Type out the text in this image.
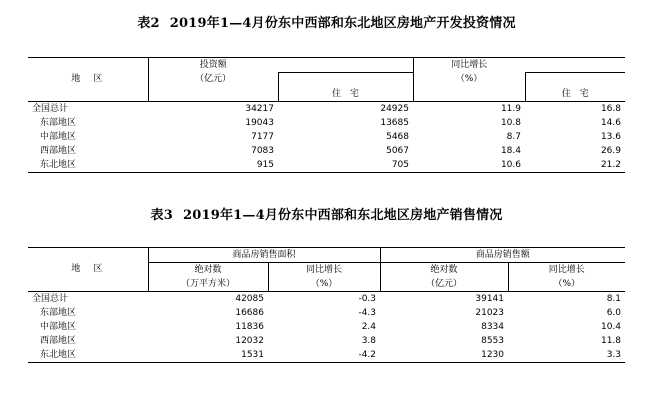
表2 2019年1—4月份东中西部和东北地区房地产开发投资情况
地　区	投资额		同比增长	
	（亿元）		（%）	
		住　宅		住　宅
全国总计	34217	24925	11.9	16.8
东部地区	19043	13685	10.8	14.6
中部地区	7177	5468	8.7	13.6
西部地区	7083	5067	18.4	26.9
东北地区	915	705	10.6	21.2
表3 2019年1—4月份东中西部和东北地区房地产销售情况
地　区	商品房销售面积		商品房销售额	
	绝对数	同比增长	绝对数	同比增长
	（万平方米）	（%）	（亿元）	（%）
全国总计	42085	-0.3	39141	8.1
东部地区	16686	-4.3	21023	6.0
中部地区	11836	2.4	8334	10.4
西部地区	12032	3.8	8553	11.8
东北地区	1531	-4.2	1230	3.3
